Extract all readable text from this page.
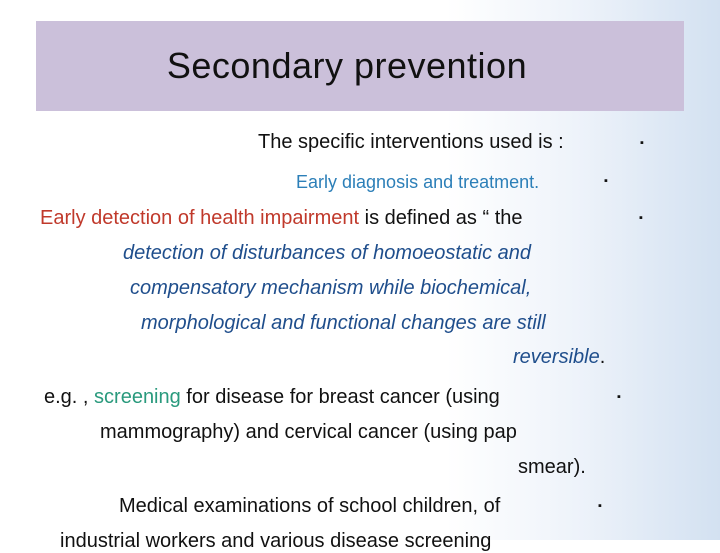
Secondary prevention
The specific interventions used is :	▪
Early diagnosis and treatment.	▪
Early detection of health impairment is defined as “ the	▪
detection of disturbances of homoeostatic and
compensatory mechanism while biochemical,
morphological and functional changes are still
reversible.
e.g. , screening for disease for breast cancer (using	▪
mammography) and cervical cancer (using pap
smear).
Medical examinations of school children, of	▪
industrial workers and various disease screening
